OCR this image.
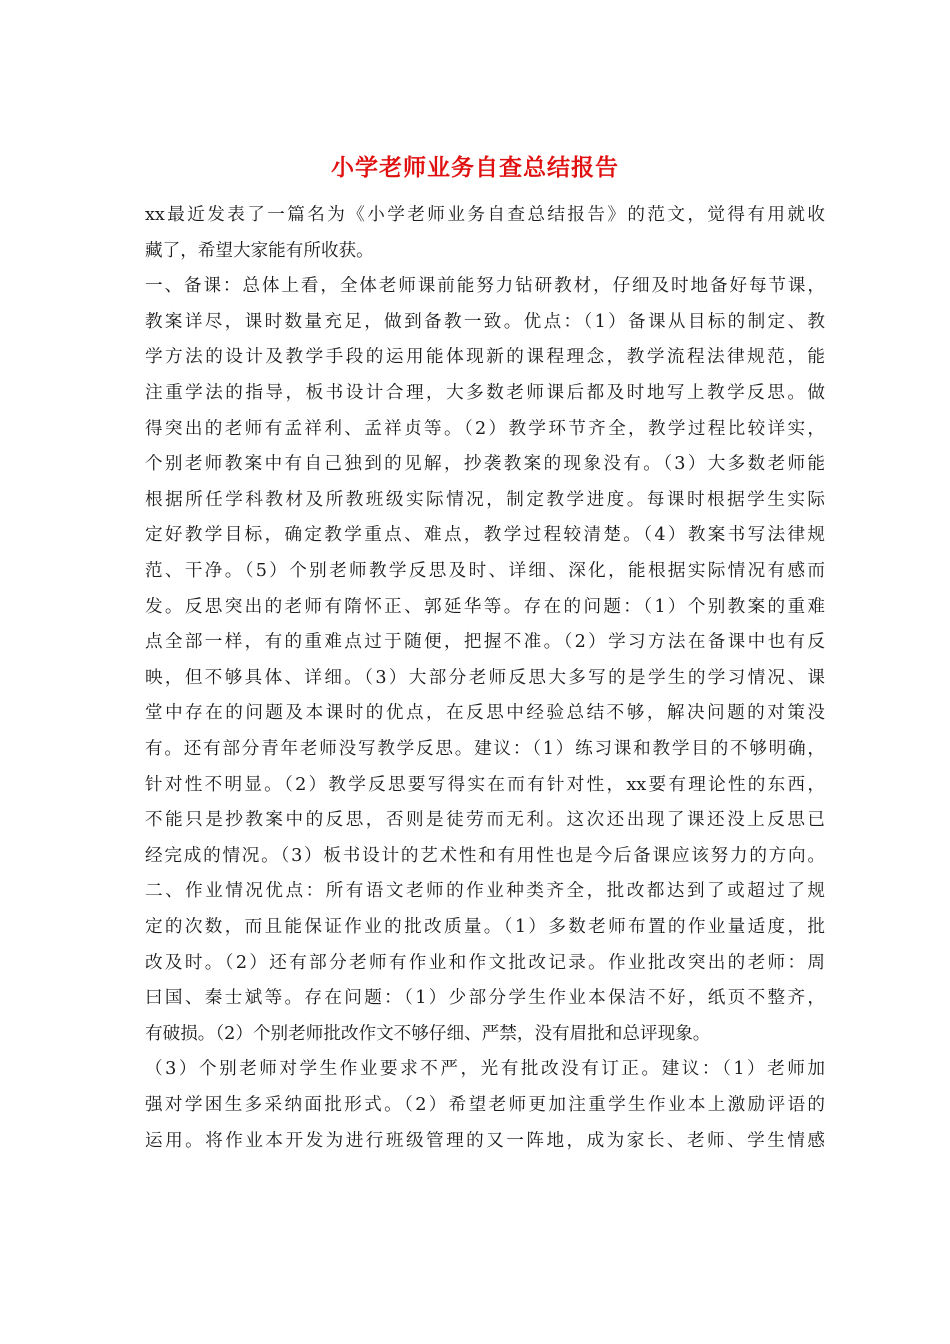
小学老师业务自查总结报告
xx最近发表了一篇名为《小学老师业务自查总结报告》的范文，觉得有用就收
藏了，希望大家能有所收获。
一、备课：总体上看，全体老师课前能努力钻研教材，仔细及时地备好每节课，
教案详尽，课时数量充足，做到备教一致。优点：（1）备课从目标的制定、教
学方法的设计及教学手段的运用能体现新的课程理念，教学流程法律规范，能
注重学法的指导，板书设计合理，大多数老师课后都及时地写上教学反思。做
得突出的老师有孟祥利、孟祥贞等。（2）教学环节齐全，教学过程比较详实，
个别老师教案中有自己独到的见解，抄袭教案的现象没有。（3）大多数老师能
根据所任学科教材及所教班级实际情况，制定教学进度。每课时根据学生实际
定好教学目标，确定教学重点、难点，教学过程较清楚。（4）教案书写法律规
范、干净。（5）个别老师教学反思及时、详细、深化，能根据实际情况有感而
发。反思突出的老师有隋怀正、郭延华等。存在的问题：（1）个别教案的重难
点全部一样，有的重难点过于随便，把握不准。（2）学习方法在备课中也有反
映，但不够具体、详细。（3）大部分老师反思大多写的是学生的学习情况、课
堂中存在的问题及本课时的优点，在反思中经验总结不够，解决问题的对策没
有。还有部分青年老师没写教学反思。建议：（1）练习课和教学目的不够明确，
针对性不明显。（2）教学反思要写得实在而有针对性，xx要有理论性的东西，
不能只是抄教案中的反思，否则是徒劳而无利。这次还出现了课还没上反思已
经完成的情况。（3）板书设计的艺术性和有用性也是今后备课应该努力的方向。
二、作业情况优点：所有语文老师的作业种类齐全，批改都达到了或超过了规
定的次数，而且能保证作业的批改质量。（1）多数老师布置的作业量适度，批
改及时。（2）还有部分老师有作业和作文批改记录。作业批改突出的老师：周
曰国、秦士斌等。存在问题：（1）少部分学生作业本保洁不好，纸页不整齐，
有破损。（2）个别老师批改作文不够仔细、严禁，没有眉批和总评现象。
（3）个别老师对学生作业要求不严，光有批改没有订正。建议：（1）老师加
强对学困生多采纳面批形式。（2）希望老师更加注重学生作业本上激励评语的
运用。将作业本开发为进行班级管理的又一阵地，成为家长、老师、学生情感
